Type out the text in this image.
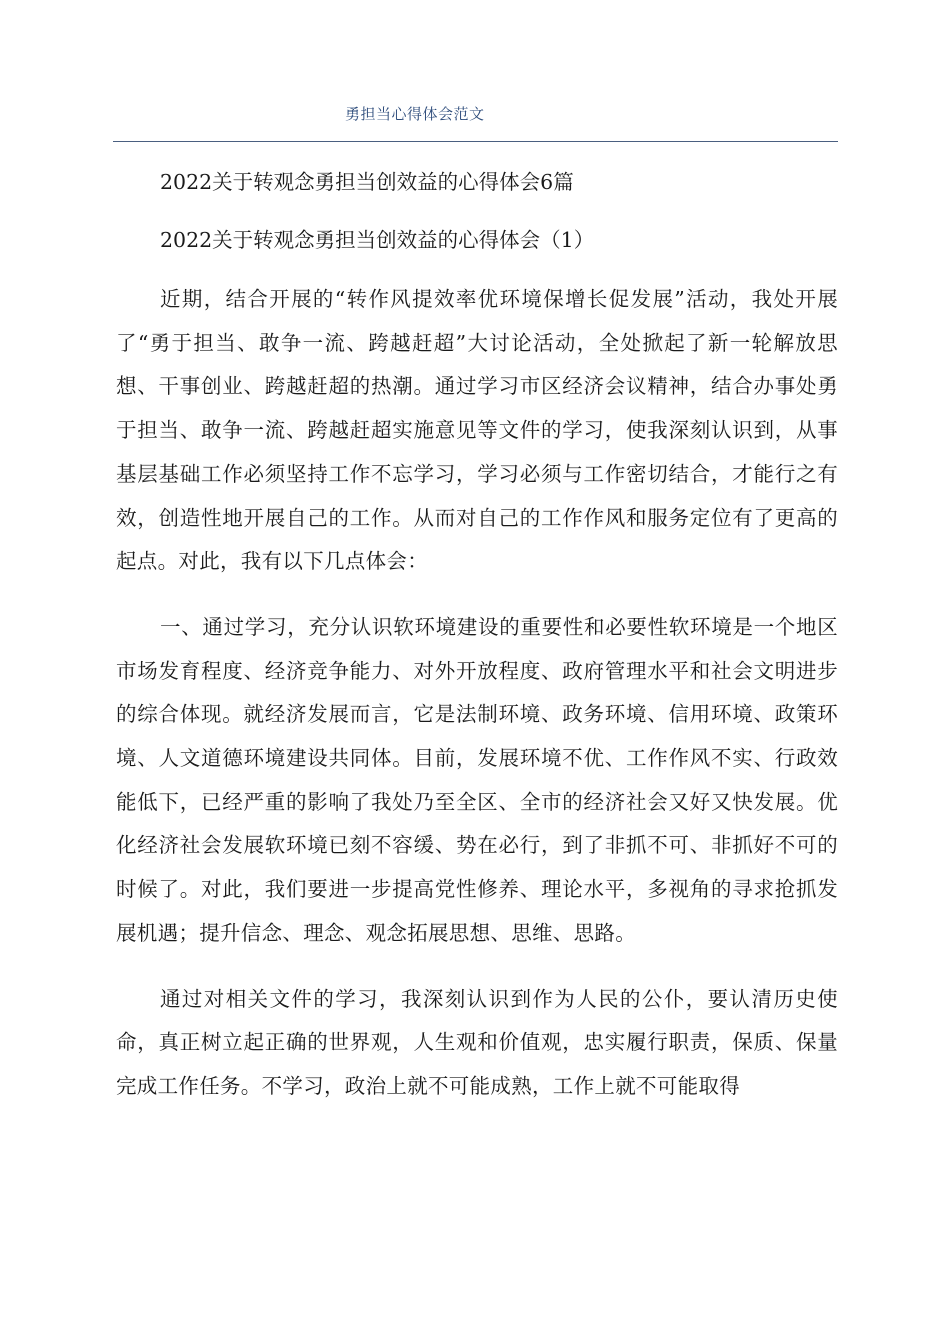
勇担当心得体会范文

2022关于转观念勇担当创效益的心得体会6篇

2022关于转观念勇担当创效益的心得体会（1）

近期，结合开展的“转作风提效率优环境保增长促发展”活动，我处开展了“勇于担当、敢争一流、跨越赶超”大讨论活动，全处掀起了新一轮解放思想、干事创业、跨越赶超的热潮。通过学习市区经济会议精神，结合办事处勇于担当、敢争一流、跨越赶超实施意见等文件的学习，使我深刻认识到，从事基层基础工作必须坚持工作不忘学习，学习必须与工作密切结合，才能行之有效，创造性地开展自己的工作。从而对自己的工作作风和服务定位有了更高的起点。对此，我有以下几点体会：

一、通过学习，充分认识软环境建设的重要性和必要性软环境是一个地区市场发育程度、经济竞争能力、对外开放程度、政府管理水平和社会文明进步的综合体现。就经济发展而言，它是法制环境、政务环境、信用环境、政策环境、人文道德环境建设共同体。目前，发展环境不优、工作作风不实、行政效能低下，已经严重的影响了我处乃至全区、全市的经济社会又好又快发展。优化经济社会发展软环境已刻不容缓、势在必行，到了非抓不可、非抓好不可的时候了。对此，我们要进一步提高党性修养、理论水平，多视角的寻求抢抓发展机遇；提升信念、理念、观念拓展思想、思维、思路。

通过对相关文件的学习，我深刻认识到作为人民的公仆，要认清历史使命，真正树立起正确的世界观，人生观和价值观，忠实履行职责，保质、保量完成工作任务。不学习，政治上就不可能成熟，工作上就不可能取得
